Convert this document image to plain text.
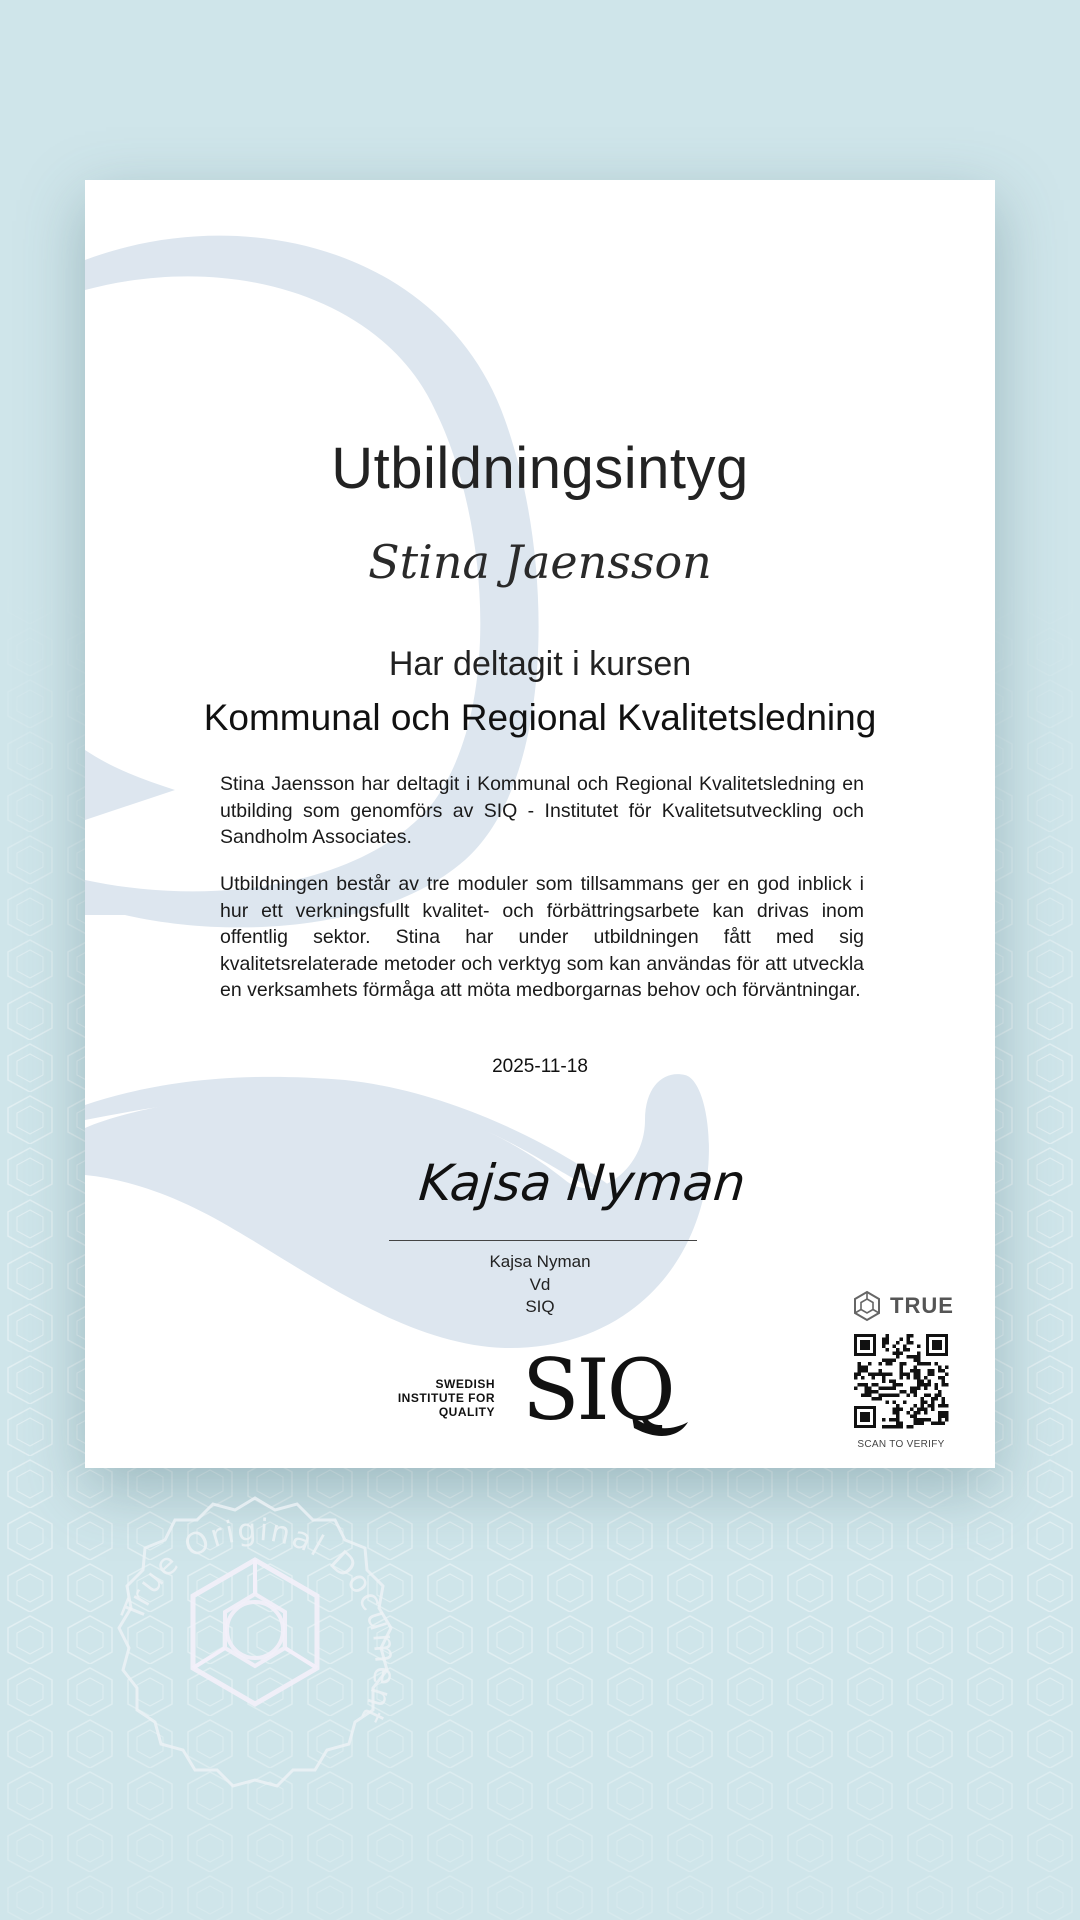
Utbildningsintyg
Stina Jaensson
Har deltagit i kursen
Kommunal och Regional Kvalitetsledning

Stina Jaensson har deltagit i Kommunal och Regional Kvalitetsledning en utbilding som genomförs av SIQ - Institutet för Kvalitetsutveckling och Sandholm Associates.

Utbildningen består av tre moduler som tillsammans ger en god inblick i hur ett verkningsfullt kvalitet- och förbättringsarbete kan drivas inom offentlig sektor. Stina har under utbildningen fått med sig kvalitetsrelaterade metoder och verktyg som kan användas för att utveckla en verksamhets förmåga att möta medborgarnas behov och förväntningar.

2025-11-18
Kajsa Nyman
Kajsa Nyman
Vd
SIQ
SWEDISH
INSTITUTE FOR
QUALITY SIQ
TRUE
SCAN TO VERIFY
True Original Document
